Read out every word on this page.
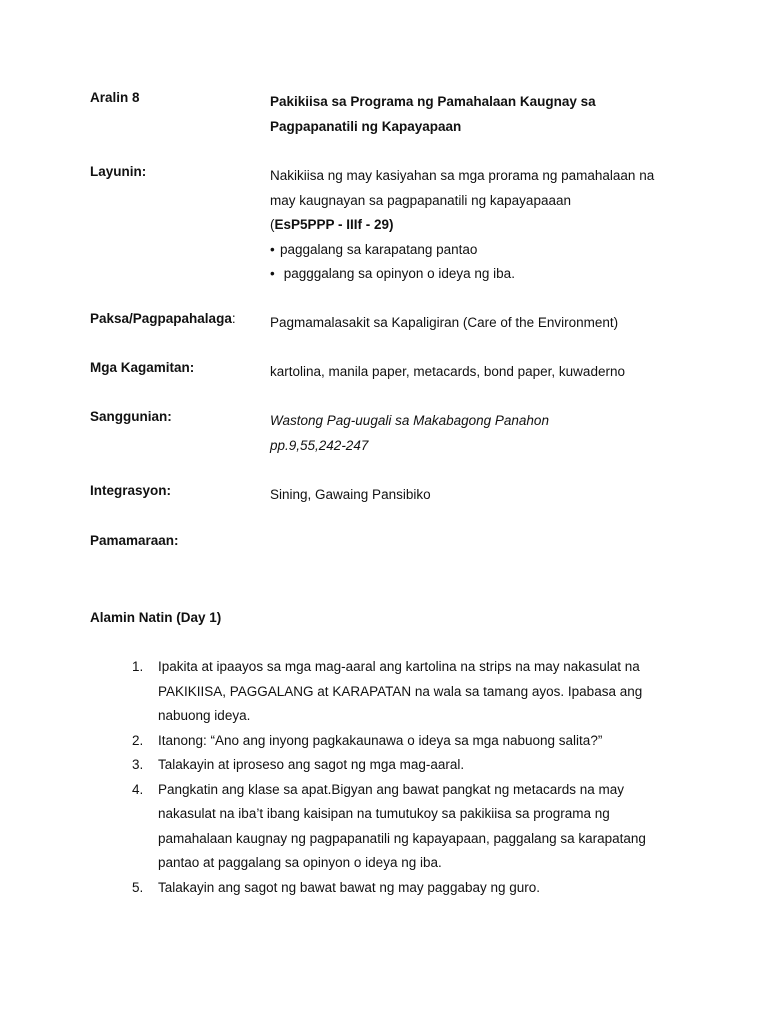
Aralin 8	Pakikiisa sa Programa ng Pamahalaan Kaugnay sa
Pagpapanatili ng Kapayapaan
Layunin:	Nakikiisa ng may kasiyahan sa mga prorama ng pamahalaan na
may kaugnayan sa pagpapanatili ng kapayapaaan
(EsP5PPP - IIIf - 29)
• paggalang sa karapatang pantao
• pagggalang sa opinyon o ideya ng iba.
Paksa/Pagpapahalaga:	Pagmamalasakit sa Kapaligiran (Care of the Environment)
Mga Kagamitan:	kartolina, manila paper, metacards, bond paper, kuwaderno
Sanggunian:	Wastong Pag-uugali sa Makabagong Panahon
pp.9,55,242-247
Integrasyon:	Sining, Gawaing Pansibiko
Pamamaraan:
Alamin Natin (Day 1)
1. Ipakita at ipaayos sa mga mag-aaral ang kartolina na strips na may nakasulat na
PAKIKIISA, PAGGALANG at KARAPATAN na wala sa tamang ayos. Ipabasa ang
nabuong ideya.
2. Itanong: “Ano ang inyong pagkakaunawa o ideya sa mga nabuong salita?”
3. Talakayin at iproseso ang sagot ng mga mag-aaral.
4. Pangkatin ang klase sa apat.Bigyan ang bawat pangkat ng metacards na may
nakasulat na iba’t ibang kaisipan na tumutukoy sa pakikiisa sa programa ng
pamahalaan kaugnay ng pagpapanatili ng kapayapaan, paggalang sa karapatang
pantao at paggalang sa opinyon o ideya ng iba.
5. Talakayin ang sagot ng bawat bawat ng may paggabay ng guro.
